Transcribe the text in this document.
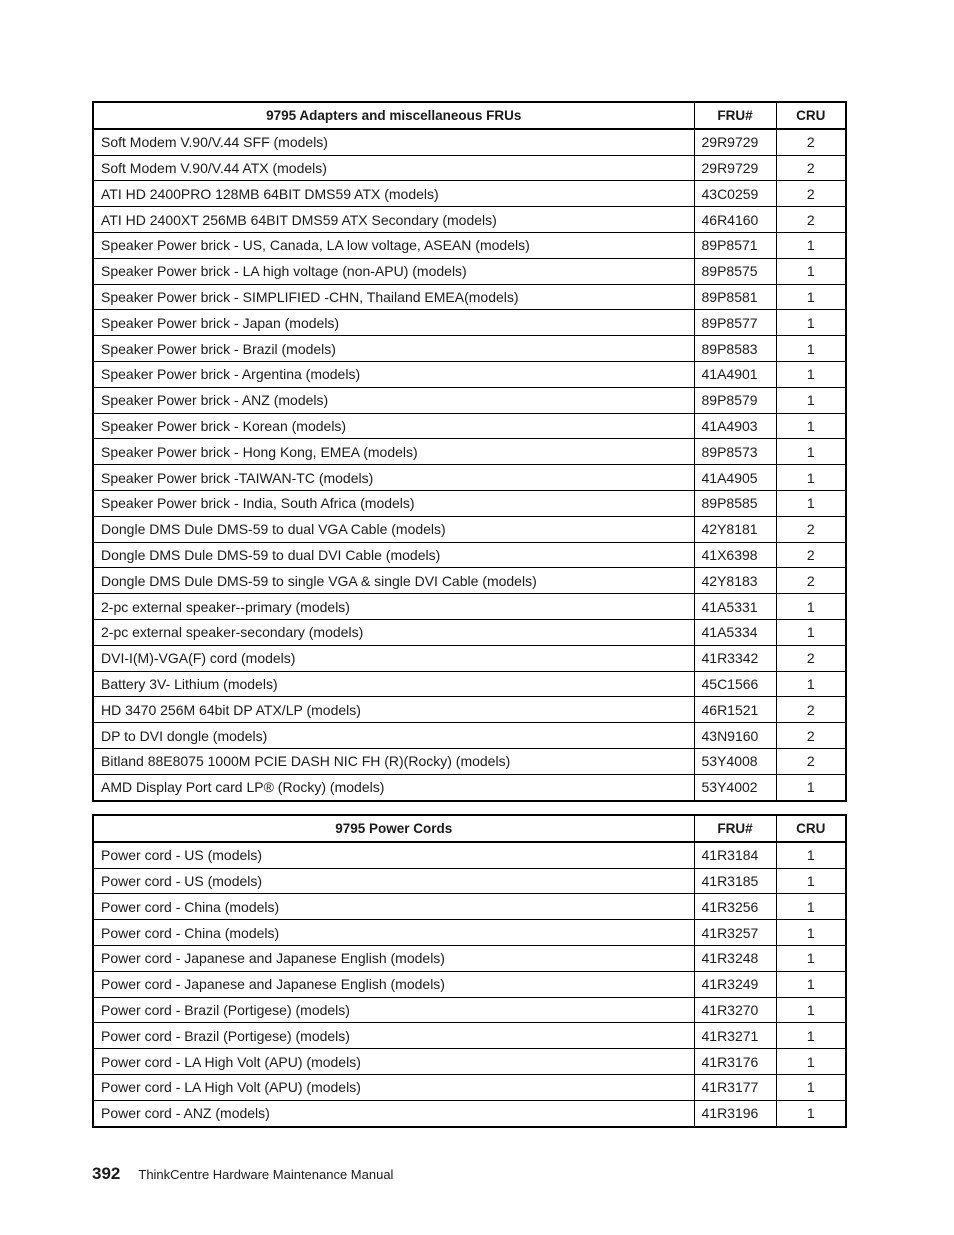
9795 Adapters and miscellaneous FRUs	FRU#	CRU
Soft Modem V.90/V.44 SFF (models)	29R9729	2
Soft Modem V.90/V.44 ATX (models)	29R9729	2
ATI HD 2400PRO 128MB 64BIT DMS59 ATX (models)	43C0259	2
ATI HD 2400XT 256MB 64BIT DMS59 ATX Secondary (models)	46R4160	2
Speaker Power brick - US, Canada, LA low voltage, ASEAN (models)	89P8571	1
Speaker Power brick - LA high voltage (non-APU) (models)	89P8575	1
Speaker Power brick - SIMPLIFIED -CHN, Thailand EMEA(models)	89P8581	1
Speaker Power brick - Japan (models)	89P8577	1
Speaker Power brick - Brazil (models)	89P8583	1
Speaker Power brick - Argentina (models)	41A4901	1
Speaker Power brick - ANZ (models)	89P8579	1
Speaker Power brick - Korean (models)	41A4903	1
Speaker Power brick - Hong Kong, EMEA (models)	89P8573	1
Speaker Power brick -TAIWAN-TC (models)	41A4905	1
Speaker Power brick - India, South Africa (models)	89P8585	1
Dongle DMS Dule DMS-59 to dual VGA Cable (models)	42Y8181	2
Dongle DMS Dule DMS-59 to dual DVI Cable (models)	41X6398	2
Dongle DMS Dule DMS-59 to single VGA & single DVI Cable (models)	42Y8183	2
2-pc external speaker--primary (models)	41A5331	1
2-pc external speaker-secondary (models)	41A5334	1
DVI-I(M)-VGA(F) cord (models)	41R3342	2
Battery 3V- Lithium (models)	45C1566	1
HD 3470 256M 64bit DP ATX/LP (models)	46R1521	2
DP to DVI dongle (models)	43N9160	2
Bitland 88E8075 1000M PCIE DASH NIC FH (R)(Rocky) (models)	53Y4008	2
AMD Display Port card LP® (Rocky) (models)	53Y4002	1
9795 Power Cords	FRU#	CRU
Power cord - US (models)	41R3184	1
Power cord - US (models)	41R3185	1
Power cord - China (models)	41R3256	1
Power cord - China (models)	41R3257	1
Power cord - Japanese and Japanese English (models)	41R3248	1
Power cord - Japanese and Japanese English (models)	41R3249	1
Power cord - Brazil (Portigese) (models)	41R3270	1
Power cord - Brazil (Portigese) (models)	41R3271	1
Power cord - LA High Volt (APU) (models)	41R3176	1
Power cord - LA High Volt (APU) (models)	41R3177	1
Power cord - ANZ (models)	41R3196	1
392 ThinkCentre Hardware Maintenance Manual
